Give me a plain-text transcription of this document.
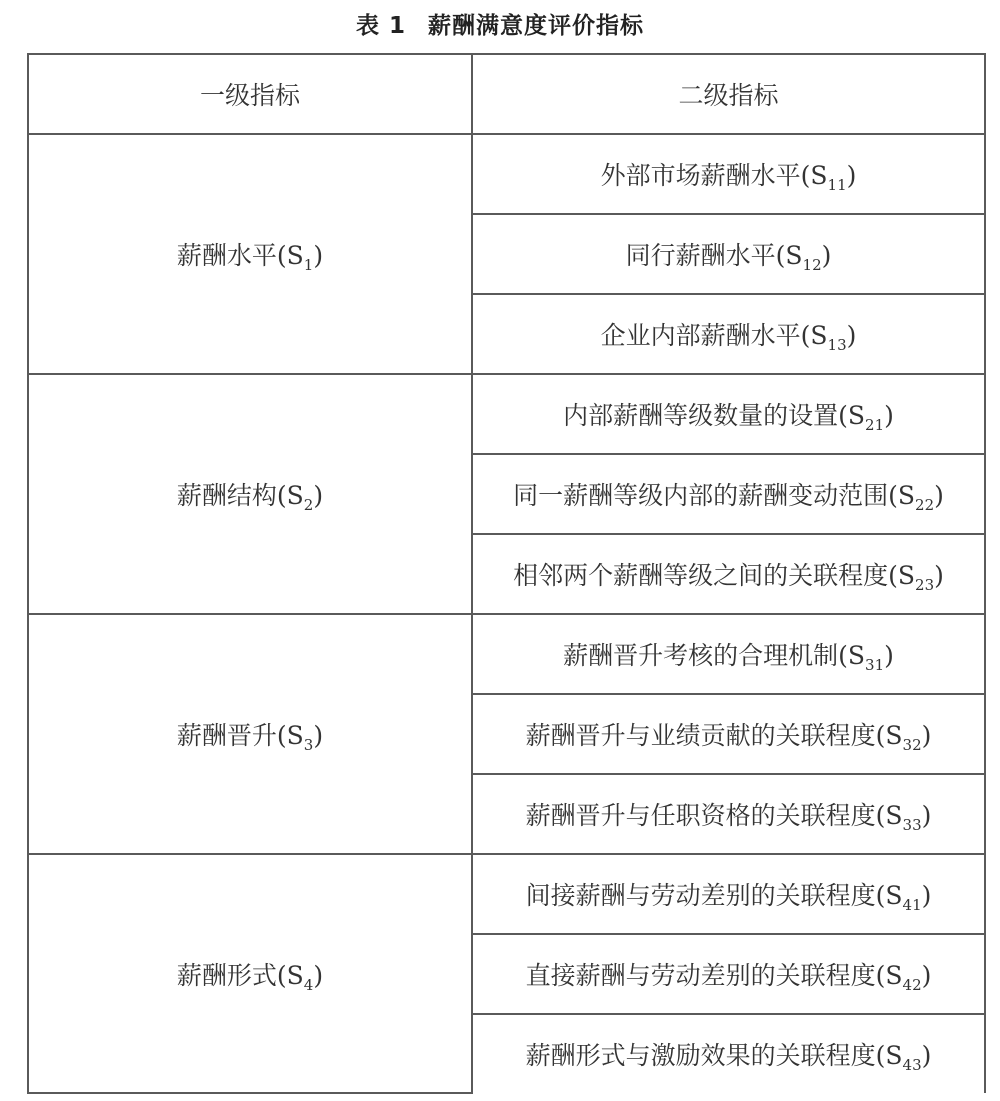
表 1 薪酬满意度评价指标
一级指标	二级指标
薪酬水平$(S_1)$	外部市场薪酬水平$(S_{11})$
	同行薪酬水平$(S_{12})$
	企业内部薪酬水平$(S_{13})$
薪酬结构$(S_2)$	内部薪酬等级数量的设置$(S_{21})$
	同一薪酬等级内部的薪酬变动范围$(S_{22})$
	相邻两个薪酬等级之间的关联程度$(S_{23})$
薪酬晋升$(S_3)$	薪酬晋升考核的合理机制$(S_{31})$
	薪酬晋升与业绩贡献的关联程度$(S_{32})$
	薪酬晋升与任职资格的关联程度$(S_{33})$
薪酬形式$(S_4)$	间接薪酬与劳动差别的关联程度$(S_{41})$
	直接薪酬与劳动差别的关联程度$(S_{42})$
	薪酬形式与激励效果的关联程度$(S_{43})$
